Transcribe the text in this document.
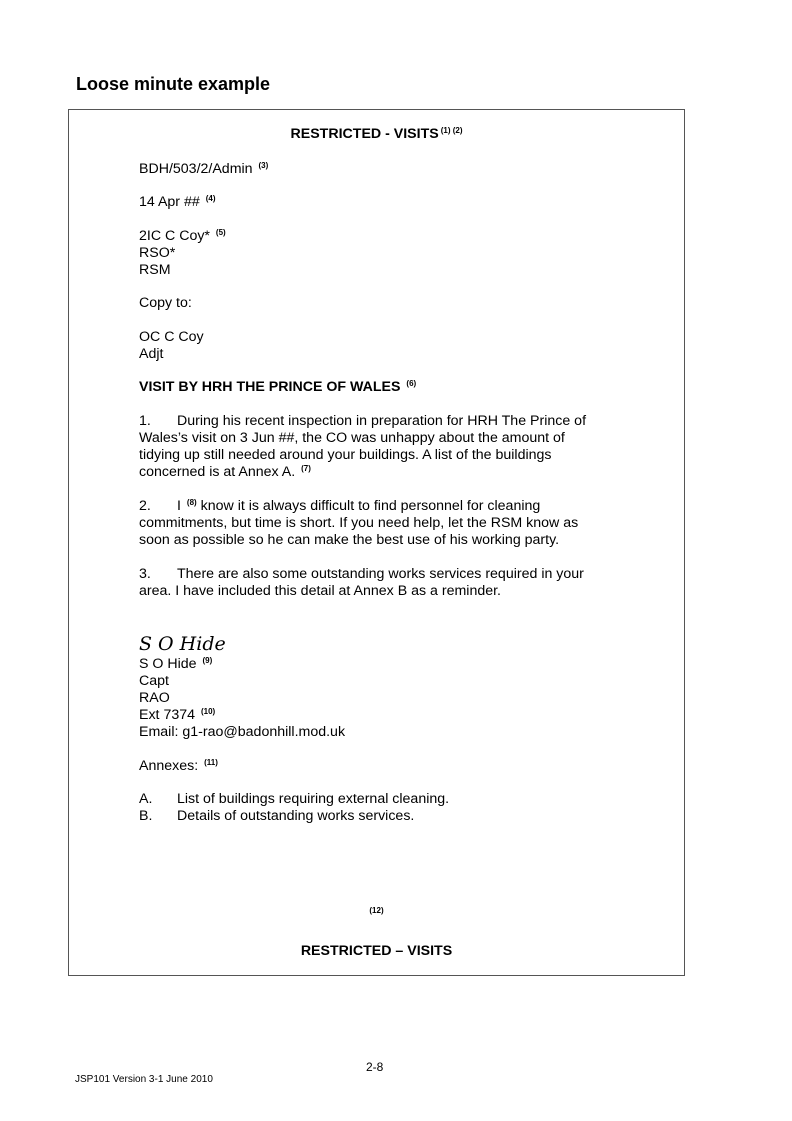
Loose minute example
RESTRICTED - VISITS $^{(1) (2)}$
BDH/503/2/Admin $^{(3)}$
14 Apr ## $^{(4)}$
2IC C Coy* $^{(5)}$
RSO*
RSM
Copy to:
OC C Coy
Adjt
VISIT BY HRH THE PRINCE OF WALES $^{(6)}$
1. During his recent inspection in preparation for HRH The Prince of
Wales’s visit on 3 Jun ##, the CO was unhappy about the amount of
tidying up still needed around your buildings. A list of the buildings
concerned is at Annex A. $^{(7)}$
2. I $^{(8)}$ know it is always difficult to find personnel for cleaning
commitments, but time is short. If you need help, let the RSM know as
soon as possible so he can make the best use of his working party.
3. There are also some outstanding works services required in your
area. I have included this detail at Annex B as a reminder.
S O Hide
S O Hide $^{(9)}$
Capt
RAO
Ext 7374 $^{(10)}$
Email: g1-rao@badonhill.mod.uk
Annexes: $^{(11)}$
A. List of buildings requiring external cleaning.
B. Details of outstanding works services.
(12)
RESTRICTED – VISITS
2-8
JSP101 Version 3-1 June 2010
